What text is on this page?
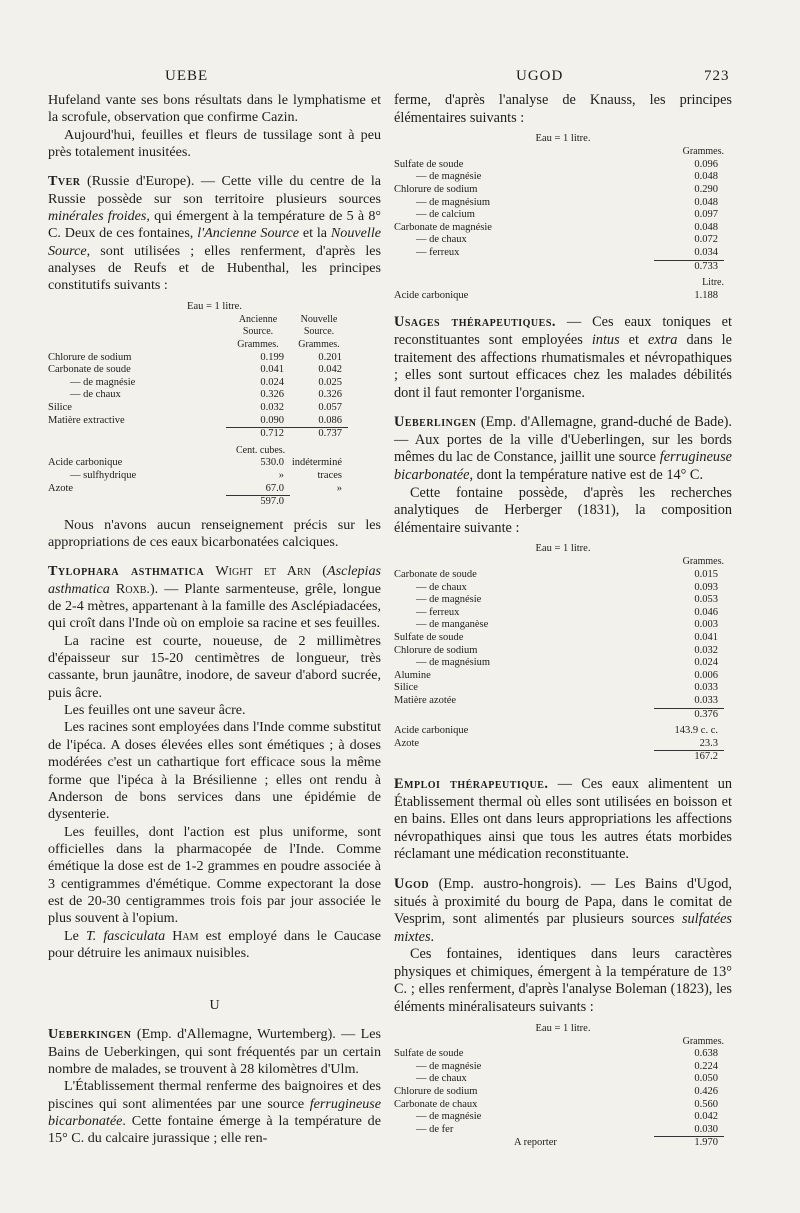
UEBE	UGOD	723

Hufeland vante ses bons résultats dans le lymphatisme et la scrofule, observation que confirme Cazin.

Aujourd'hui, feuilles et fleurs de tussilage sont à peu près totalement inusitées.

Tver (Russie d'Europe). — Cette ville du centre de la Russie possède sur son territoire plusieurs sources minérales froides, qui émergent à la température de 5 à 8° C. Deux de ces fontaines, l'Ancienne Source et la Nouvelle Source, sont utilisées ; elles renferment, d'après les analyses de Reufs et de Hubenthal, les principes constitutifs suivants :

Eau = 1 litre.
	Ancienne	Nouvelle
	Source.	Source.
	Grammes.	Grammes.
Chlorure de sodium	0.199	0.201
Carbonate de soude	0.041	0.042
— de magnésie	0.024	0.025
— de chaux	0.326	0.326
Silice	0.032	0.057
Matière extractive	0.090	0.086
	0.712	0.737
	Cent. cubes.	
Acide carbonique	530.0	indéterminé
— sulfhydrique	»	traces
Azote	67.0	»
	597.0	

Nous n'avons aucun renseignement précis sur les appropriations de ces eaux bicarbonatées calciques.

Tylophara asthmatica Wight et Arn (Asclepias asthmatica Roxb.). — Plante sarmenteuse, grêle, longue de 2-4 mètres, appartenant à la famille des Asclépiadacées, qui croît dans l'Inde où on emploie sa racine et ses feuilles.

La racine est courte, noueuse, de 2 millimètres d'épaisseur sur 15-20 centimètres de longueur, très cassante, brun jaunâtre, inodore, de saveur d'abord sucrée, puis âcre.

Les feuilles ont une saveur âcre.

Les racines sont employées dans l'Inde comme substitut de l'ipéca. A doses élevées elles sont émétiques ; à doses modérées c'est un cathartique fort efficace sous la même forme que l'ipéca à la Brésilienne ; elles ont rendu à Anderson de bons services dans une épidémie de dysenterie.

Les feuilles, dont l'action est plus uniforme, sont officielles dans la pharmacopée de l'Inde. Comme émétique la dose est de 1-2 grammes en poudre associée à 3 centigrammes d'émétique. Comme expectorant la dose est de 20-30 centigrammes trois fois par jour associée le plus souvent à l'opium.

Le T. fasciculata Ham est employé dans le Caucase pour détruire les animaux nuisibles.

U

Ueberkingen (Emp. d'Allemagne, Wurtemberg). — Les Bains de Ueberkingen, qui sont fréquentés par un certain nombre de malades, se trouvent à 28 kilomètres d'Ulm.

L'Établissement thermal renferme des baignoires et des piscines qui sont alimentées par une source ferrugineuse bicarbonatée. Cette fontaine émerge à la température de 15° C. du calcaire jurassique ; elle ren-

ferme, d'après l'analyse de Knauss, les principes élémentaires suivants :

Eau = 1 litre.
	Grammes.
Sulfate de soude	0.096
— de magnésie	0.048
Chlorure de sodium	0.290
— de magnésium	0.048
— de calcium	0.097
Carbonate de magnésie	0.048
— de chaux	0.072
— ferreux	0.034
	0.733
	Litre.
Acide carbonique	1.188

Usages thérapeutiques. — Ces eaux toniques et reconstituantes sont employées intus et extra dans le traitement des affections rhumatismales et névropathiques ; elles sont surtout efficaces chez les malades débilités dont il faut remonter l'organisme.

Ueberlingen (Emp. d'Allemagne, grand-duché de Bade). — Aux portes de la ville d'Ueberlingen, sur les bords mêmes du lac de Constance, jaillit une source ferrugineuse bicarbonatée, dont la température native est de 14° C.

Cette fontaine possède, d'après les recherches analytiques de Herberger (1831), la composition élémentaire suivante :

Eau = 1 litre.
	Grammes.
Carbonate de soude	0.015
— de chaux	0.093
— de magnésie	0.053
— ferreux	0.046
— de manganèse	0.003
Sulfate de soude	0.041
Chlorure de sodium	0.032
— de magnésium	0.024
Alumine	0.006
Silice	0.033
Matière azotée	0.033
	0.376
Acide carbonique	143.9 c. c.
Azote	23.3
	167.2

Emploi thérapeutique. — Ces eaux alimentent un Établissement thermal où elles sont utilisées en boisson et en bains. Elles ont dans leurs appropriations les affections névropathiques ainsi que tous les autres états morbides réclamant une médication reconstituante.

Ugod (Emp. austro-hongrois). — Les Bains d'Ugod, situés à proximité du bourg de Papa, dans le comitat de Vesprim, sont alimentés par plusieurs sources sulfatées mixtes.

Ces fontaines, identiques dans leurs caractères physiques et chimiques, émergent à la température de 13° C. ; elles renferment, d'après l'analyse Boleman (1823), les éléments minéralisateurs suivants :

Eau = 1 litre.
	Grammes.
Sulfate de soude	0.638
— de magnésie	0.224
— de chaux	0.050
Chlorure de sodium	0.426
Carbonate de chaux	0.560
— de magnésie	0.042
— de fer	0.030
A reporter	1.970
